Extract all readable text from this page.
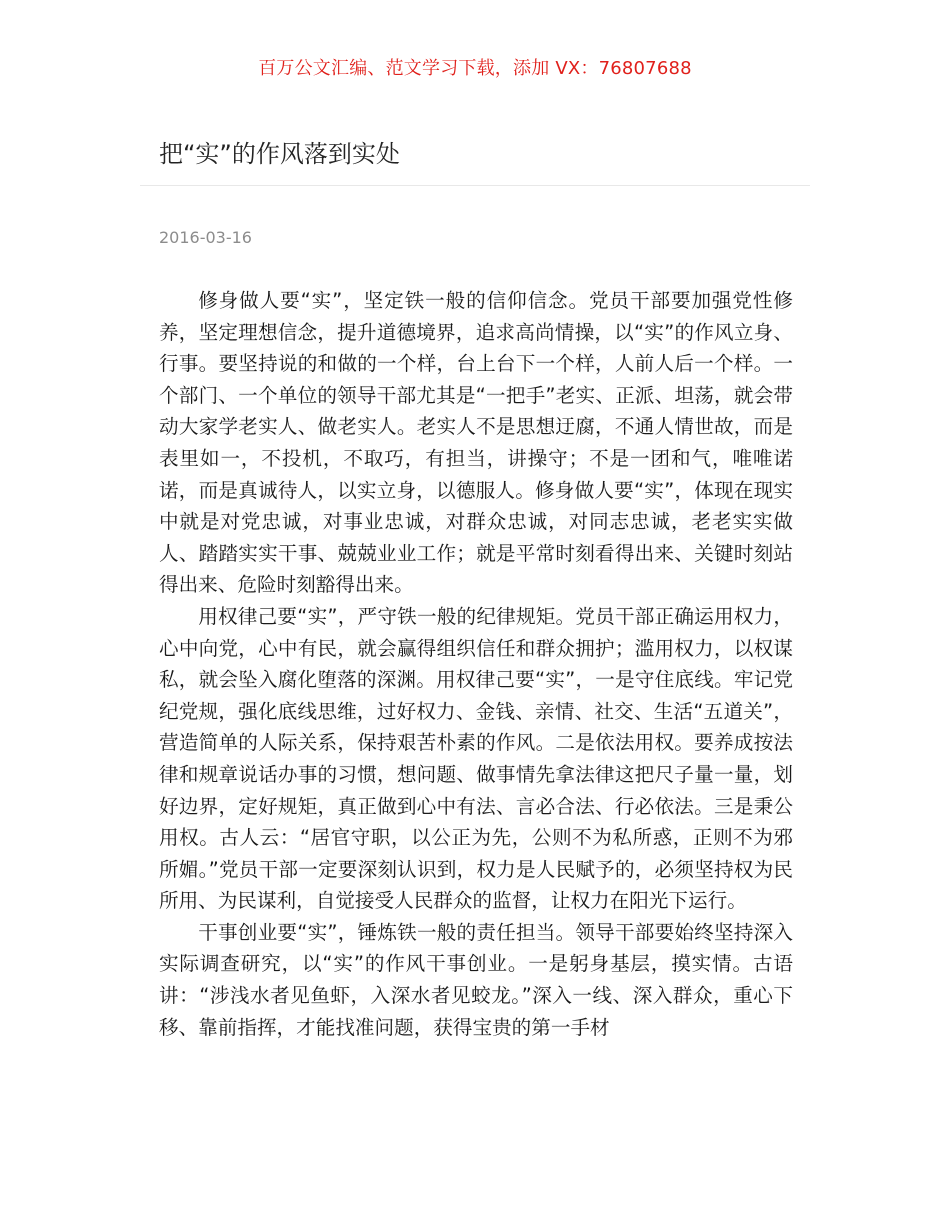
百万公文汇编、范文学习下载，添加 VX：76807688
把“实”的作风落到实处
2016-03-16

修身做人要“实”，坚定铁一般的信仰信念。党员干部要加强党性修养，坚定理想信念，提升道德境界，追求高尚情操，以“实”的作风立身、行事。要坚持说的和做的一个样，台上台下一个样，人前人后一个样。一个部门、一个单位的领导干部尤其是“一把手”老实、正派、坦荡，就会带动大家学老实人、做老实人。老实人不是思想迂腐，不通人情世故，而是表里如一，不投机，不取巧，有担当，讲操守；不是一团和气，唯唯诺诺，而是真诚待人，以实立身，以德服人。修身做人要“实”，体现在现实中就是对党忠诚，对事业忠诚，对群众忠诚，对同志忠诚，老老实实做人、踏踏实实干事、兢兢业业工作；就是平常时刻看得出来、关键时刻站得出来、危险时刻豁得出来。

用权律己要“实”，严守铁一般的纪律规矩。党员干部正确运用权力，心中向党，心中有民，就会赢得组织信任和群众拥护；滥用权力，以权谋私，就会坠入腐化堕落的深渊。用权律己要“实”，一是守住底线。牢记党纪党规，强化底线思维，过好权力、金钱、亲情、社交、生活“五道关”，营造简单的人际关系，保持艰苦朴素的作风。二是依法用权。要养成按法律和规章说话办事的习惯，想问题、做事情先拿法律这把尺子量一量，划好边界，定好规矩，真正做到心中有法、言必合法、行必依法。三是秉公用权。古人云：“居官守职，以公正为先，公则不为私所惑，正则不为邪所媚。”党员干部一定要深刻认识到，权力是人民赋予的，必须坚持权为民所用、为民谋利，自觉接受人民群众的监督，让权力在阳光下运行。

干事创业要“实”，锤炼铁一般的责任担当。领导干部要始终坚持深入实际调查研究，以“实”的作风干事创业。一是躬身基层，摸实情。古语讲：“涉浅水者见鱼虾，入深水者见蛟龙。”深入一线、深入群众，重心下移、靠前指挥，才能找准问题，获得宝贵的第一手材
